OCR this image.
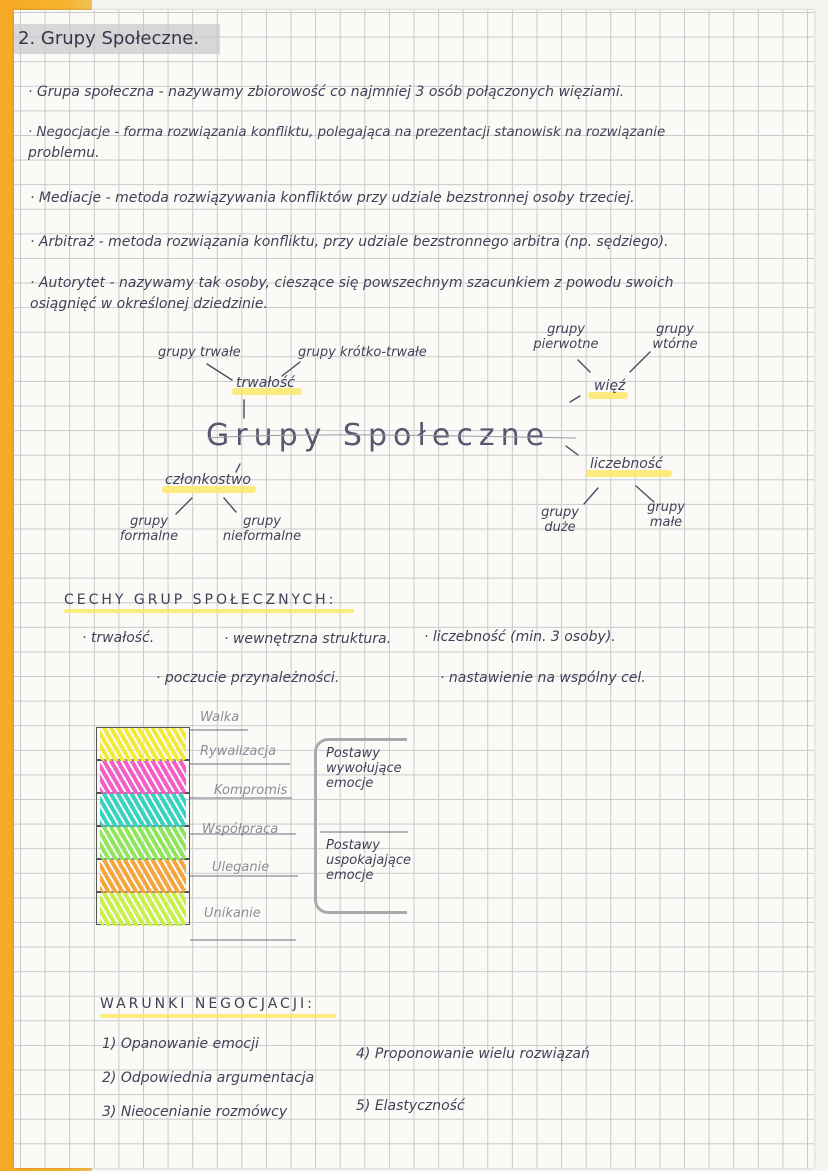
2. Grupy Społeczne.
· Grupa społeczna - nazywamy zbiorowość co najmniej 3 osób połączonych więziami.
· Negocjacje - forma rozwiązania konfliktu, polegająca na prezentacji stanowisk na rozwiązanie
problemu.
· Mediacje - metoda rozwiązywania konfliktów przy udziale bezstronnej osoby trzeciej.
· Arbitraż - metoda rozwiązania konfliktu, przy udziale bezstronnego arbitra (np. sędziego).
· Autorytet - nazywamy tak osoby, cieszące się powszechnym szacunkiem z powodu swoich
osiągnięć w określonej dziedzinie.
grupy trwałe	grupy krótko-trwałe
trwałość
grupy pierwotne
grupy wtórne
więź
Grupy Społeczne
członkostwo
grupy formalne
grupy nieformalne
liczebność
grupy duże
grupy małe
CECHY GRUP SPOŁECZNYCH:
· trwałość.	· wewnętrzna struktura. · liczebność (min. 3 osoby).
· poczucie przynależności.	· nastawienie na wspólny cel.
Walka
Rywalizacja
Kompromis
Współpraca
Uleganie
Unikanie
Postawy wywołujące emocje
Postawy uspokajające emocje
WARUNKI NEGOCJACJI:
1) Opanowanie emocji
2) Odpowiednia argumentacja
3) Nieocenianie rozmówcy
4) Proponowanie wielu rozwiązań
5) Elastyczność
